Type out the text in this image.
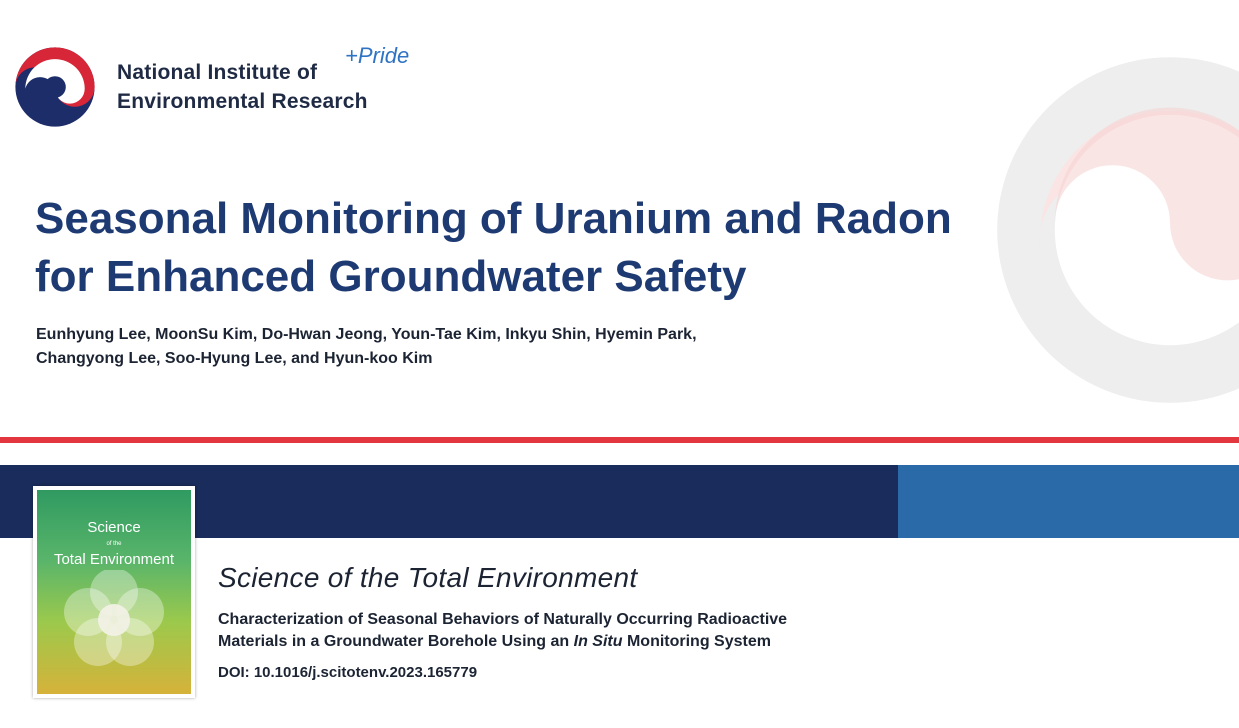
National Institute of
Environmental Research
+Pride
Seasonal Monitoring of Uranium and Radon
for Enhanced Groundwater Safety
Eunhyung Lee, MoonSu Kim, Do-Hwan Jeong, Youn-Tae Kim, Inkyu Shin, Hyemin Park,
Changyong Lee, Soo-Hyung Lee, and Hyun-koo Kim
Science
of the
Total Environment
Science of the Total Environment
Characterization of Seasonal Behaviors of Naturally Occurring Radioactive
Materials in a Groundwater Borehole Using an In Situ Monitoring System
DOI: 10.1016/j.scitotenv.2023.165779
